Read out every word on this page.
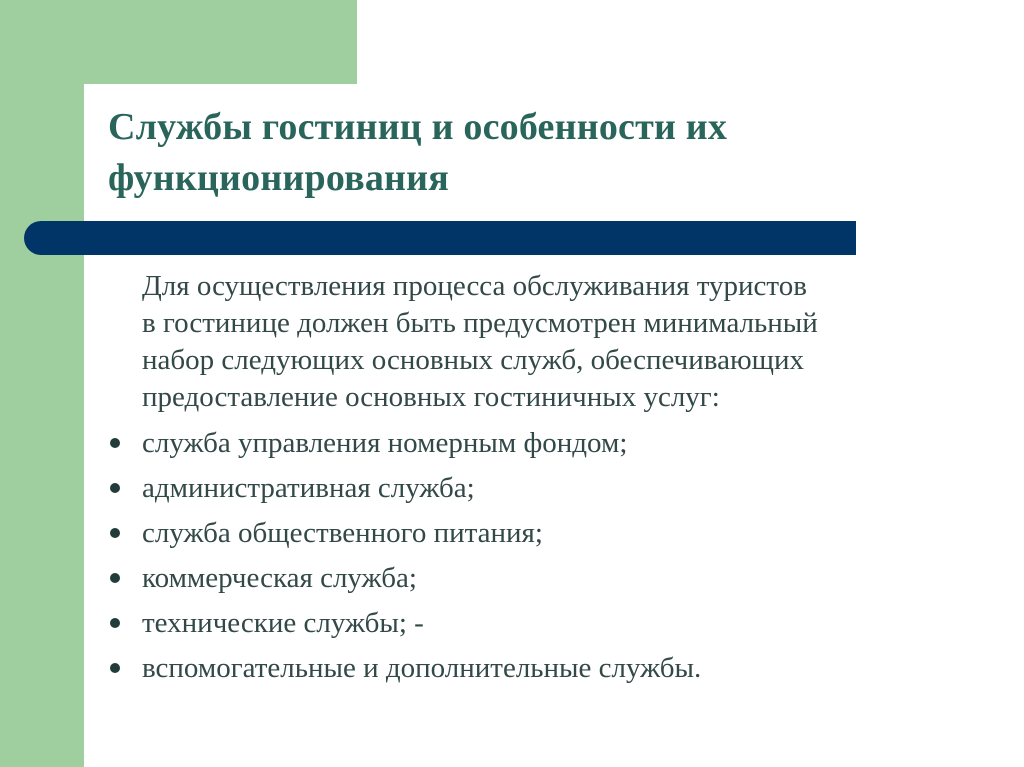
Службы гостиниц и особенности их
функционирования

Для осуществления процесса обслуживания туристов
в гостинице должен быть предусмотрен минимальный
набор следующих основных служб, обеспечивающих
предоставление основных гостиничных услуг:

служба управления номерным фондом;
административная служба;
служба общественного питания;
коммерческая служба;
технические службы; -
вспомогательные и дополнительные службы.
